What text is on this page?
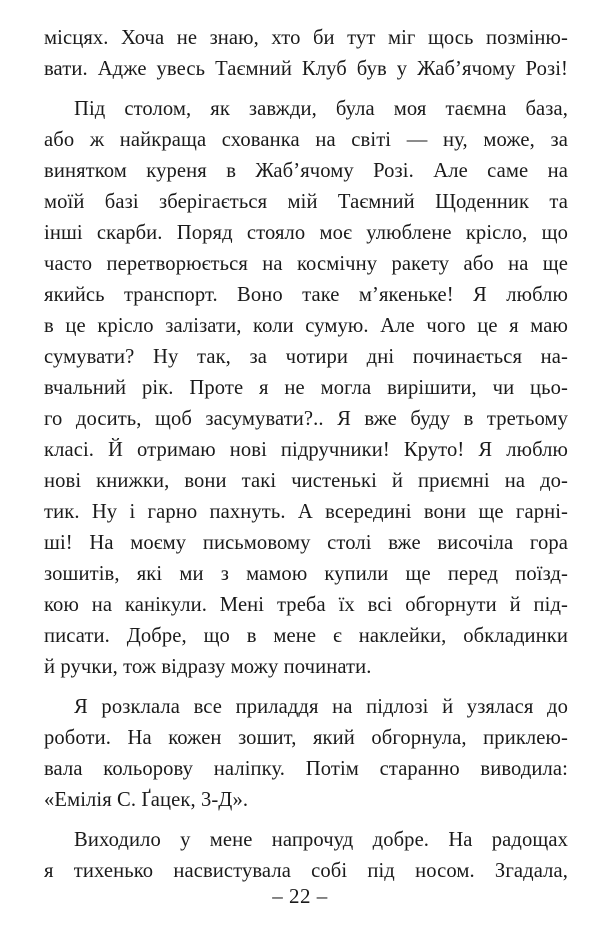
місцях. Хоча не знаю, хто би тут міг щось позміню-
вати. Адже увесь Таємний Клуб був у Жаб’ячому Розі!
Під столом, як завжди, була моя таємна база,
або ж найкраща схованка на світі — ну, може, за
винятком куреня в Жаб’ячому Розі. Але саме на
моїй базі зберігається мій Таємний Щоденник та
інші скарби. Поряд стояло моє улюблене крісло, що
часто перетворюється на космічну ракету або на ще
якийсь транспорт. Воно таке м’якеньке! Я люблю
в це крісло залізати, коли сумую. Але чого це я маю
сумувати? Ну так, за чотири дні починається на-
вчальний рік. Проте я не могла вирішити, чи цьо-
го досить, щоб засумувати?.. Я вже буду в третьому
класі. Й отримаю нові підручники! Круто! Я люблю
нові книжки, вони такі чистенькі й приємні на до-
тик. Ну і гарно пахнуть. А всередині вони ще гарні-
ші! На моєму письмовому столі вже височіла гора
зошитів, які ми з мамою купили ще перед поїзд-
кою на канікули. Мені треба їх всі обгорнути й під-
писати. Добре, що в мене є наклейки, обкладинки
й ручки, тож відразу можу починати.
Я розклала все приладдя на підлозі й узялася до
роботи. На кожен зошит, який обгорнула, приклею-
вала кольорову наліпку. Потім старанно виводила:
«Емілія С. Ґацек, 3-Д».
Виходило у мене напрочуд добре. На радощах
я тихенько насвистувала собі під носом. Згадала,
– 22 –
